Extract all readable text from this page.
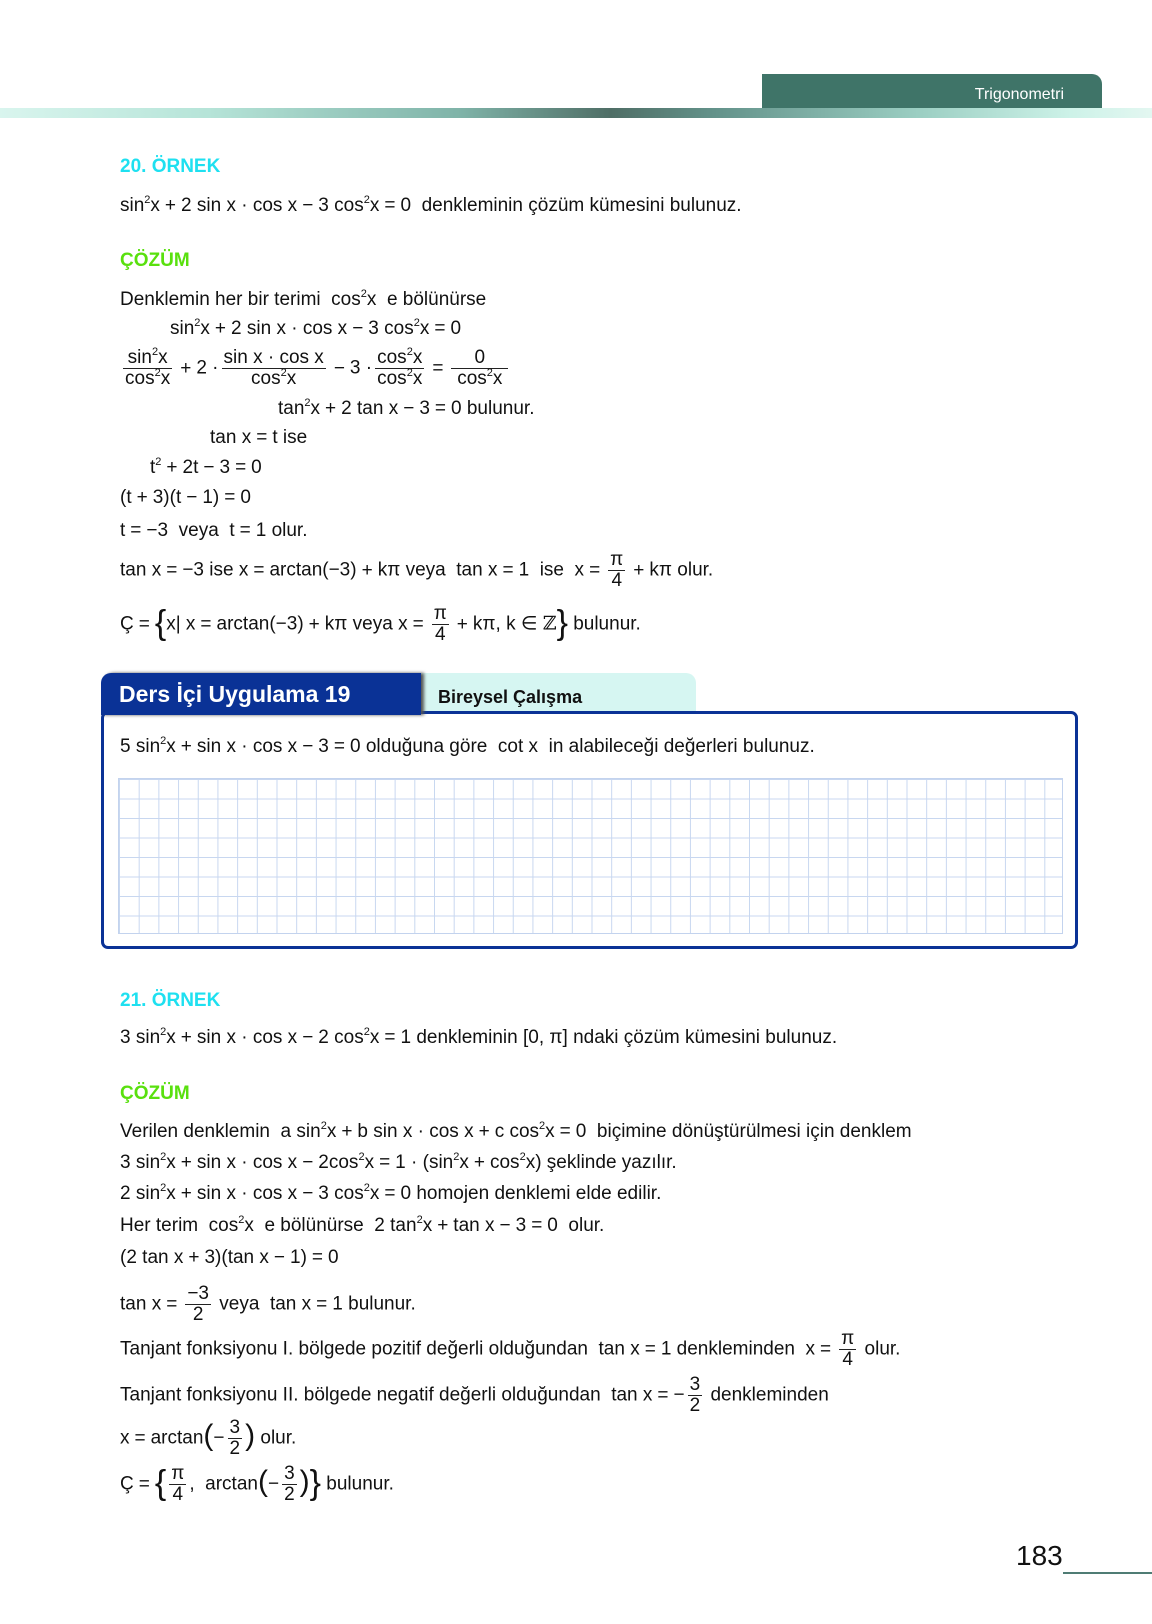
Trigonometri
20. ÖRNEK
$\sin^2x + 2$ sin x · cos x − 3 $\cos^2x = 0$  denkleminin çözüm kümesini bulunuz.
ÇÖZÜM
Denklemin her bir terimi  $\cos^2x$  e bölünürse
$\sin^2x + 2$ sin x · cos x − 3 $\cos^2x = 0$
$\frac{\sin^2x}{\cos^2x} + 2 \cdot \frac{\text{sin x · cos x}}{\cos^2x} - 3 \cdot \frac{\cos^2x}{\cos^2x} = \frac{0}{\cos^2x}$
$\tan^2x + 2$ tan x − 3 = 0 bulunur.
tan x = t ise
$t^2 + 2t - 3 = 0$
(t + 3)(t − 1) = 0
t = −3  veya  t = 1 olur.
tan x = −3 ise x = arctan(−3) + kπ veya  tan x = 1  ise  $x = \frac{\pi}{4} + k\pi$ olur.
Ç = {x| x = arctan(−3) + kπ veya $x = \frac{\pi}{4} + k\pi$, k ∈ ℤ} bulunur.
Ders İçi Uygulama 19	Bireysel Çalışma
5 $\sin^2x + \sin x \cdot \cos x - 3 = 0$ olduğuna göre  cot x  in alabileceği değerleri bulunuz.
21. ÖRNEK
3 $\sin^2x + \sin x \cdot \cos x - 2$ $\cos^2x = 1$ denkleminin [0, π] ndaki çözüm kümesini bulunuz.
ÇÖZÜM
Verilen denklemin  a $\sin^2x + b$ sin x · cos x + c $\cos^2x = 0$  biçimine dönüştürülmesi için denklem
3 $\sin^2x + \sin x \cdot \cos x - 2\cos^2x = 1 \cdot (\sin^2x + \cos^2x)$ şeklinde yazılır.
2 $\sin^2x + \sin x \cdot \cos x - 3$ $\cos^2x = 0$ homojen denklemi elde edilir.
Her terim  $\cos^2x$  e bölünürse  2 $\tan^2x + \tan x - 3 = 0$  olur.
(2 tan x + 3)(tan x − 1) = 0
$\tan x = \frac{-3}{2}$ veya  tan x = 1 bulunur.
Tanjant fonksiyonu I. bölgede pozitif değerli olduğundan  tan x = 1 denkleminden  $x = \frac{\pi}{4}$ olur.
Tanjant fonksiyonu II. bölgede negatif değerli olduğundan  tan x = − $\frac{3}{2}$ denkleminden
$x = \arctan(- \frac{3}{2}$ ) olur.
Ç = { $\frac{\pi}{4}$ ,  $\arctan(- \frac{3}{2}$ )} bulunur.
183
